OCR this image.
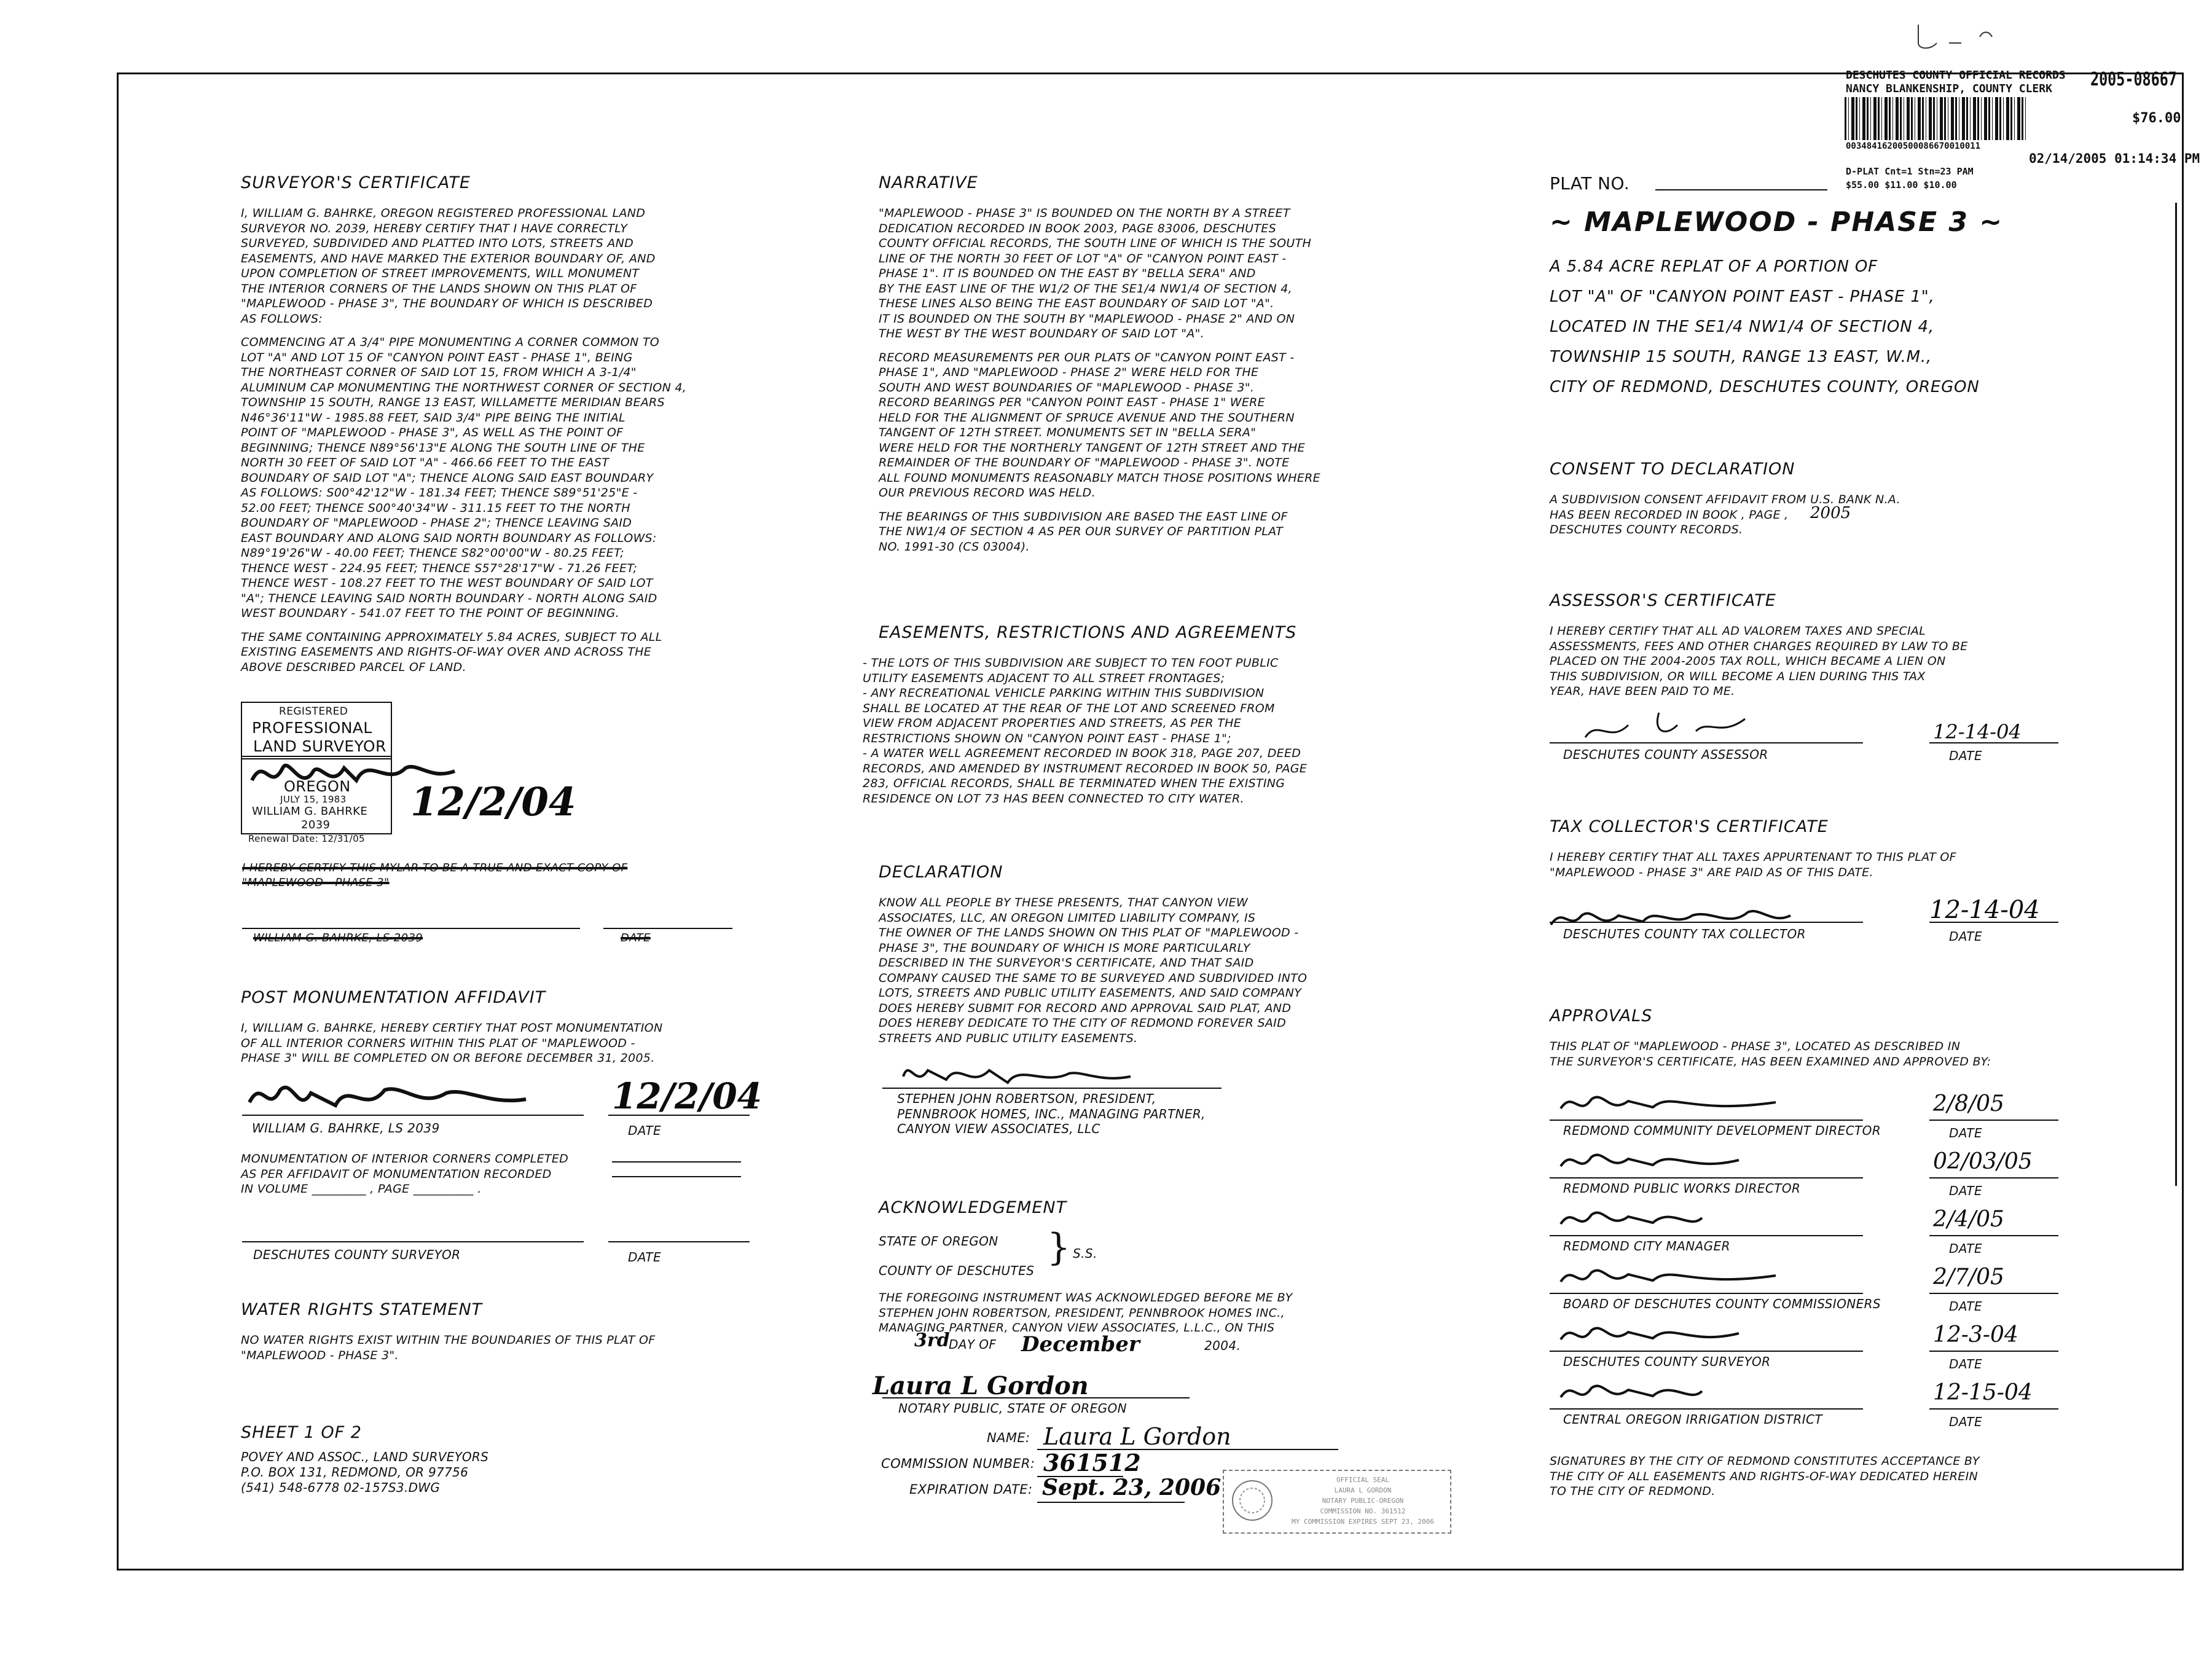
DESCHUTES COUNTY OFFICIAL RECORDS
NANCY BLANKENSHIP, COUNTY CLERK 2005-08667
$76.00
00348416200500086670010011
02/14/2005 01:14:34 PM
D-PLAT Cnt=1 Stn=23 PAM
$55.00 $11.00 $10.00
SURVEYOR'S CERTIFICATE

I, WILLIAM G. BAHRKE, OREGON REGISTERED PROFESSIONAL LAND
SURVEYOR NO. 2039, HEREBY CERTIFY THAT I HAVE CORRECTLY
SURVEYED, SUBDIVIDED AND PLATTED INTO LOTS, STREETS AND
EASEMENTS, AND HAVE MARKED THE EXTERIOR BOUNDARY OF, AND
UPON COMPLETION OF STREET IMPROVEMENTS, WILL MONUMENT
THE INTERIOR CORNERS OF THE LANDS SHOWN ON THIS PLAT OF
"MAPLEWOOD - PHASE 3", THE BOUNDARY OF WHICH IS DESCRIBED
AS FOLLOWS:

COMMENCING AT A 3/4" PIPE MONUMENTING A CORNER COMMON TO
LOT "A" AND LOT 15 OF "CANYON POINT EAST - PHASE 1", BEING
THE NORTHEAST CORNER OF SAID LOT 15, FROM WHICH A 3-1/4"
ALUMINUM CAP MONUMENTING THE NORTHWEST CORNER OF SECTION 4,
TOWNSHIP 15 SOUTH, RANGE 13 EAST, WILLAMETTE MERIDIAN BEARS
N46°36'11"W - 1985.88 FEET, SAID 3/4" PIPE BEING THE INITIAL
POINT OF "MAPLEWOOD - PHASE 3", AS WELL AS THE POINT OF
BEGINNING; THENCE N89°56'13"E ALONG THE SOUTH LINE OF THE
NORTH 30 FEET OF SAID LOT "A" - 466.66 FEET TO THE EAST
BOUNDARY OF SAID LOT "A"; THENCE ALONG SAID EAST BOUNDARY
AS FOLLOWS: S00°42'12"W - 181.34 FEET; THENCE S89°51'25"E -
52.00 FEET; THENCE S00°40'34"W - 311.15 FEET TO THE NORTH
BOUNDARY OF "MAPLEWOOD - PHASE 2"; THENCE LEAVING SAID
EAST BOUNDARY AND ALONG SAID NORTH BOUNDARY AS FOLLOWS:
N89°19'26"W - 40.00 FEET; THENCE S82°00'00"W - 80.25 FEET;
THENCE WEST - 224.95 FEET; THENCE S57°28'17"W - 71.26 FEET;
THENCE WEST - 108.27 FEET TO THE WEST BOUNDARY OF SAID LOT
"A"; THENCE LEAVING SAID NORTH BOUNDARY - NORTH ALONG SAID
WEST BOUNDARY - 541.07 FEET TO THE POINT OF BEGINNING.

THE SAME CONTAINING APPROXIMATELY 5.84 ACRES, SUBJECT TO ALL
EXISTING EASEMENTS AND RIGHTS-OF-WAY OVER AND ACROSS THE
ABOVE DESCRIBED PARCEL OF LAND.

REGISTERED
PROFESSIONAL
LAND SURVEYOR
OREGON
JULY 15, 1983
WILLIAM G. BAHRKE
2039
Renewal Date: 12/31/05
12/2/04
I HEREBY CERTIFY THIS MYLAR TO BE A TRUE AND EXACT COPY OF
"MAPLEWOOD - PHASE 3"
WILLIAM G. BAHRKE, LS 2039	DATE
POST MONUMENTATION AFFIDAVIT

I, WILLIAM G. BAHRKE, HEREBY CERTIFY THAT POST MONUMENTATION
OF ALL INTERIOR CORNERS WITHIN THIS PLAT OF "MAPLEWOOD -
PHASE 3" WILL BE COMPLETED ON OR BEFORE DECEMBER 31, 2005.

12/2/04
WILLIAM G. BAHRKE, LS 2039	DATE

MONUMENTATION OF INTERIOR CORNERS COMPLETED
AS PER AFFIDAVIT OF MONUMENTATION RECORDED
IN VOLUME _________ , PAGE __________ .

DESCHUTES COUNTY SURVEYOR	DATE
WATER RIGHTS STATEMENT

NO WATER RIGHTS EXIST WITHIN THE BOUNDARIES OF THIS PLAT OF
"MAPLEWOOD - PHASE 3".

SHEET 1 OF 2

POVEY AND ASSOC., LAND SURVEYORS
P.O. BOX 131, REDMOND, OR 97756
(541) 548-6778 02-157S3.DWG

NARRATIVE

"MAPLEWOOD - PHASE 3" IS BOUNDED ON THE NORTH BY A STREET
DEDICATION RECORDED IN BOOK 2003, PAGE 83006, DESCHUTES
COUNTY OFFICIAL RECORDS, THE SOUTH LINE OF WHICH IS THE SOUTH
LINE OF THE NORTH 30 FEET OF LOT "A" OF "CANYON POINT EAST -
PHASE 1". IT IS BOUNDED ON THE EAST BY "BELLA SERA" AND
BY THE EAST LINE OF THE W1/2 OF THE SE1/4 NW1/4 OF SECTION 4,
THESE LINES ALSO BEING THE EAST BOUNDARY OF SAID LOT "A".
IT IS BOUNDED ON THE SOUTH BY "MAPLEWOOD - PHASE 2" AND ON
THE WEST BY THE WEST BOUNDARY OF SAID LOT "A".

RECORD MEASUREMENTS PER OUR PLATS OF "CANYON POINT EAST -
PHASE 1", AND "MAPLEWOOD - PHASE 2" WERE HELD FOR THE
SOUTH AND WEST BOUNDARIES OF "MAPLEWOOD - PHASE 3".
RECORD BEARINGS PER "CANYON POINT EAST - PHASE 1" WERE
HELD FOR THE ALIGNMENT OF SPRUCE AVENUE AND THE SOUTHERN
TANGENT OF 12TH STREET. MONUMENTS SET IN "BELLA SERA"
WERE HELD FOR THE NORTHERLY TANGENT OF 12TH STREET AND THE
REMAINDER OF THE BOUNDARY OF "MAPLEWOOD - PHASE 3". NOTE
ALL FOUND MONUMENTS REASONABLY MATCH THOSE POSITIONS WHERE
OUR PREVIOUS RECORD WAS HELD.

THE BEARINGS OF THIS SUBDIVISION ARE BASED THE EAST LINE OF
THE NW1/4 OF SECTION 4 AS PER OUR SURVEY OF PARTITION PLAT
NO. 1991-30 (CS 03004).

EASEMENTS, RESTRICTIONS AND AGREEMENTS

- THE LOTS OF THIS SUBDIVISION ARE SUBJECT TO TEN FOOT PUBLIC
UTILITY EASEMENTS ADJACENT TO ALL STREET FRONTAGES;

- ANY RECREATIONAL VEHICLE PARKING WITHIN THIS SUBDIVISION
SHALL BE LOCATED AT THE REAR OF THE LOT AND SCREENED FROM
VIEW FROM ADJACENT PROPERTIES AND STREETS, AS PER THE
RESTRICTIONS SHOWN ON "CANYON POINT EAST - PHASE 1";

- A WATER WELL AGREEMENT RECORDED IN BOOK 318, PAGE 207, DEED
RECORDS, AND AMENDED BY INSTRUMENT RECORDED IN BOOK 50, PAGE
283, OFFICIAL RECORDS, SHALL BE TERMINATED WHEN THE EXISTING
RESIDENCE ON LOT 73 HAS BEEN CONNECTED TO CITY WATER.

DECLARATION

KNOW ALL PEOPLE BY THESE PRESENTS, THAT CANYON VIEW
ASSOCIATES, LLC, AN OREGON LIMITED LIABILITY COMPANY, IS
THE OWNER OF THE LANDS SHOWN ON THIS PLAT OF "MAPLEWOOD -
PHASE 3", THE BOUNDARY OF WHICH IS MORE PARTICULARLY
DESCRIBED IN THE SURVEYOR'S CERTIFICATE, AND THAT SAID
COMPANY CAUSED THE SAME TO BE SURVEYED AND SUBDIVIDED INTO
LOTS, STREETS AND PUBLIC UTILITY EASEMENTS, AND SAID COMPANY
DOES HEREBY SUBMIT FOR RECORD AND APPROVAL SAID PLAT, AND
DOES HEREBY DEDICATE TO THE CITY OF REDMOND FOREVER SAID
STREETS AND PUBLIC UTILITY EASEMENTS.

STEPHEN JOHN ROBERTSON, PRESIDENT,
PENNBROOK HOMES, INC., MANAGING PARTNER,
CANYON VIEW ASSOCIATES, LLC

ACKNOWLEDGEMENT
STATE OF OREGON
COUNTY OF DESCHUTES
} S.S.

THE FOREGOING INSTRUMENT WAS ACKNOWLEDGED BEFORE ME BY
STEPHEN JOHN ROBERTSON, PRESIDENT, PENNBROOK HOMES INC.,
MANAGING PARTNER, CANYON VIEW ASSOCIATES, L.L.C., ON THIS

3rd
DAY OF December	2004.
Laura L Gordon
NOTARY PUBLIC, STATE OF OREGON
NAME: Laura L Gordon
COMMISSION NUMBER: 361512
EXPIRATION DATE: Sept. 23, 2006	OFFICIAL SEAL
LAURA L GORDON
NOTARY PUBLIC-OREGON
COMMISSION NO. 361512
MY COMMISSION EXPIRES SEPT 23, 2006

PLAT NO.
~ MAPLEWOOD - PHASE 3 ~

A 5.84 ACRE REPLAT OF A PORTION OF
LOT "A" OF "CANYON POINT EAST - PHASE 1",
LOCATED IN THE SE1/4 NW1/4 OF SECTION 4,
TOWNSHIP 15 SOUTH, RANGE 13 EAST, W.M.,
CITY OF REDMOND, DESCHUTES COUNTY, OREGON

CONSENT TO DECLARATION

A SUBDIVISION CONSENT AFFIDAVIT FROM U.S. BANK N.A.
HAS BEEN RECORDED IN BOOK , PAGE ,
DESCHUTES COUNTY RECORDS.

2005
ASSESSOR'S CERTIFICATE

I HEREBY CERTIFY THAT ALL AD VALOREM TAXES AND SPECIAL
ASSESSMENTS, FEES AND OTHER CHARGES REQUIRED BY LAW TO BE
PLACED ON THE 2004-2005 TAX ROLL, WHICH BECAME A LIEN ON
THIS SUBDIVISION, OR WILL BECOME A LIEN DURING THIS TAX
YEAR, HAVE BEEN PAID TO ME.

DESCHUTES COUNTY ASSESSOR	DATE
12-14-04
TAX COLLECTOR'S CERTIFICATE

I HEREBY CERTIFY THAT ALL TAXES APPURTENANT TO THIS PLAT OF
"MAPLEWOOD - PHASE 3" ARE PAID AS OF THIS DATE.

DESCHUTES COUNTY TAX COLLECTOR	DATE
12-14-04
APPROVALS

THIS PLAT OF "MAPLEWOOD - PHASE 3", LOCATED AS DESCRIBED IN
THE SURVEYOR'S CERTIFICATE, HAS BEEN EXAMINED AND APPROVED BY:

REDMOND COMMUNITY DEVELOPMENT DIRECTOR	DATE
2/8/05
REDMOND PUBLIC WORKS DIRECTOR	DATE
02/03/05
REDMOND CITY MANAGER	DATE
2/4/05
BOARD OF DESCHUTES COUNTY COMMISSIONERS	DATE
2/7/05
DESCHUTES COUNTY SURVEYOR	DATE
12-3-04
CENTRAL OREGON IRRIGATION DISTRICT	DATE
12-15-04

SIGNATURES BY THE CITY OF REDMOND CONSTITUTES ACCEPTANCE BY
THE CITY OF ALL EASEMENTS AND RIGHTS-OF-WAY DEDICATED HEREIN
TO THE CITY OF REDMOND.
